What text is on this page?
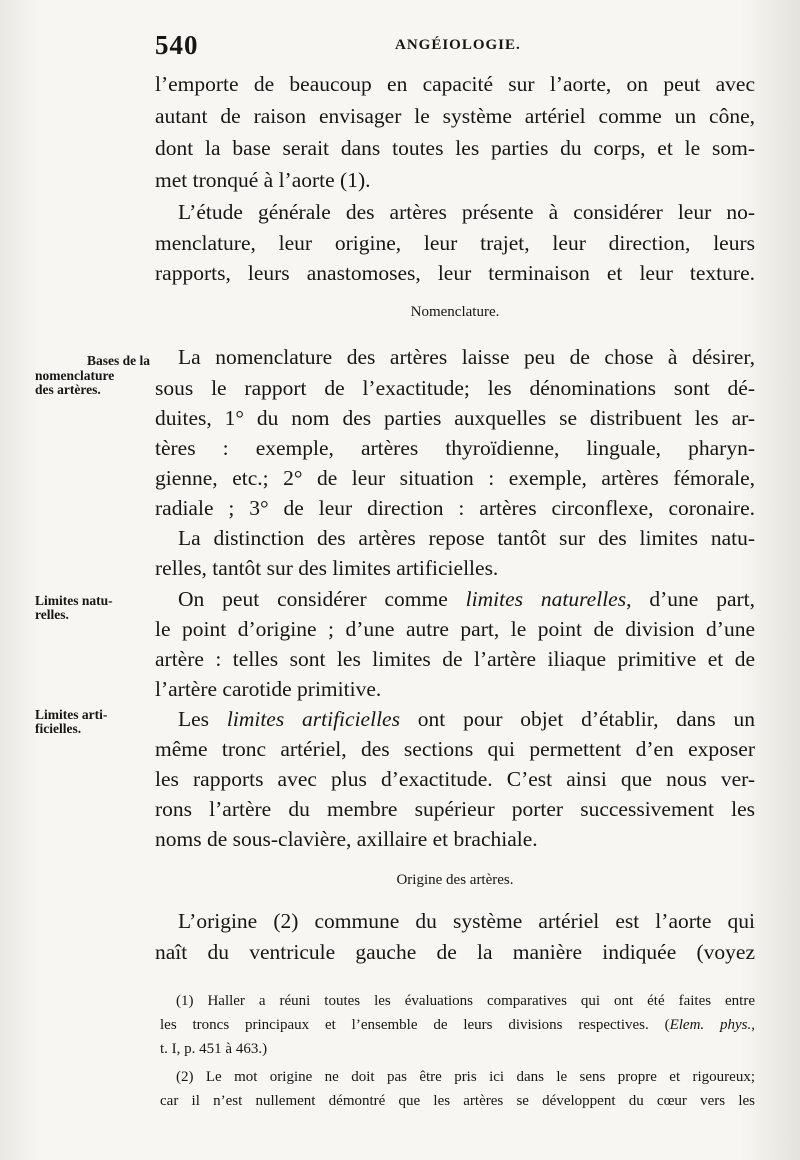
540	ANGÉIOLOGIE.
l’emporte de beaucoup en capacité sur l’aorte, on peut avec
autant de raison envisager le système artériel comme un cône,
dont la base serait dans toutes les parties du corps, et le som-
met tronqué à l’aorte (1).
L’étude générale des artères présente à considérer leur no-
menclature, leur origine, leur trajet, leur direction, leurs
rapports, leurs anastomoses, leur terminaison et leur texture.
Nomenclature.
Bases de la
nomenclature
des artères.
La nomenclature des artères laisse peu de chose à désirer,
sous le rapport de l’exactitude; les dénominations sont dé-
duites, 1° du nom des parties auxquelles se distribuent les ar-
tères : exemple, artères thyroïdienne, linguale, pharyn-
gienne, etc.; 2° de leur situation : exemple, artères fémorale,
radiale ; 3° de leur direction : artères circonflexe, coronaire.
La distinction des artères repose tantôt sur des limites natu-
relles, tantôt sur des limites artificielles.
Limites natu-
relles.
On peut considérer comme limites naturelles, d’une part,
le point d’origine ; d’une autre part, le point de division d’une
artère : telles sont les limites de l’artère iliaque primitive et de
l’artère carotide primitive.
Limites arti-
ficielles.	Les limites artificielles ont pour objet d’établir, dans un
même tronc artériel, des sections qui permettent d’en exposer
les rapports avec plus d’exactitude. C’est ainsi que nous ver-
rons l’artère du membre supérieur porter successivement les
noms de sous-clavière, axillaire et brachiale.
Origine des artères.
L’origine (2) commune du système artériel est l’aorte qui
naît du ventricule gauche de la manière indiquée (voyez
(1) Haller a réuni toutes les évaluations comparatives qui ont été faites entre
les troncs principaux et l’ensemble de leurs divisions respectives. (Elem. phys.,
t. I, p. 451 à 463.)
(2) Le mot origine ne doit pas être pris ici dans le sens propre et rigoureux;
car il n’est nullement démontré que les artères se développent du cœur vers les
